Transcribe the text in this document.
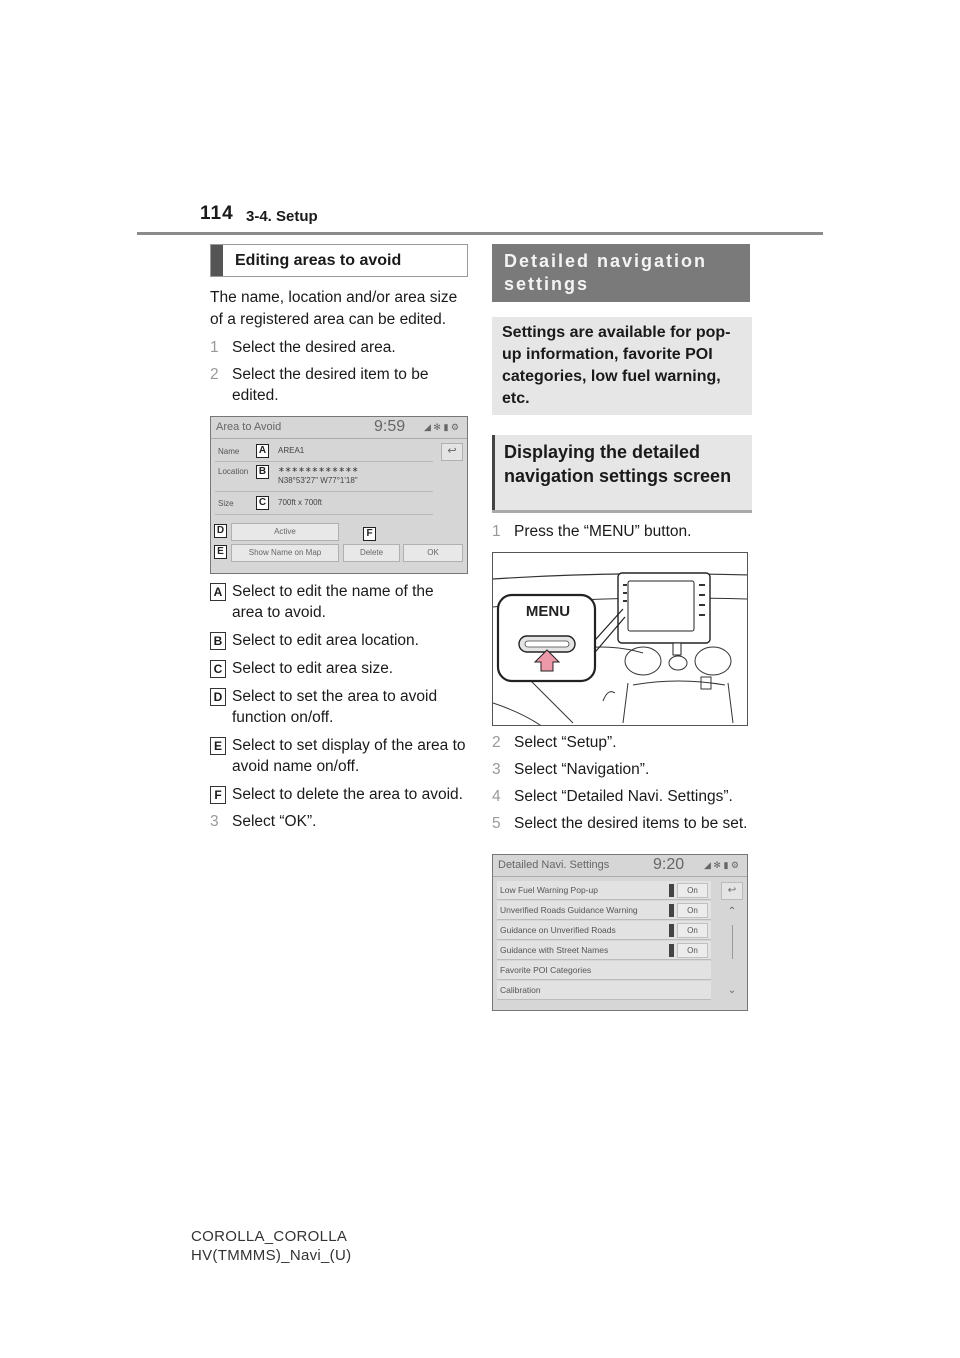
114 3-4. Setup
Editing areas to avoid

The name, location and/or area size of a registered area can be edited.

1 Select the desired area.
2 Select the desired item to be edited.
Area to Avoid	9:59 ◢ ✻ ▮ ⚙
Name	AREA1
Location	∗∗∗∗∗∗∗∗∗∗∗∗
N38°53'27" W77°1'18"
Size	700ft x 700ft
↩
Active
Show Name on Map	Delete	OK
A
B
C
D
E
F
A Select to edit the name of the area to avoid.
B Select to edit area location.
C Select to edit area size.
D Select to set the area to avoid function on/off.
E Select to set display of the area to avoid name on/off.
F Select to delete the area to avoid.
3 Select “OK”.
Detailed navigation settings
Settings are available for pop-up information, favorite POI categories, low fuel warning, etc.
Displaying the detailed navigation settings screen
1 Press the “MENU” button.
MENU
2 Select “Setup”.
3 Select “Navigation”.
4 Select “Detailed Navi. Settings”.
5 Select the desired items to be set.
Detailed Navi. Settings	9:20 ◢ ✻ ▮ ⚙
Low Fuel Warning Pop-up	On
Unverified Roads Guidance Warning	On
Guidance on Unverified Roads	On
Guidance with Street Names	On
Favorite POI Categories
Calibration
↩
⌃
⌄
COROLLA_COROLLA
HV(TMMMS)_Navi_(U)
